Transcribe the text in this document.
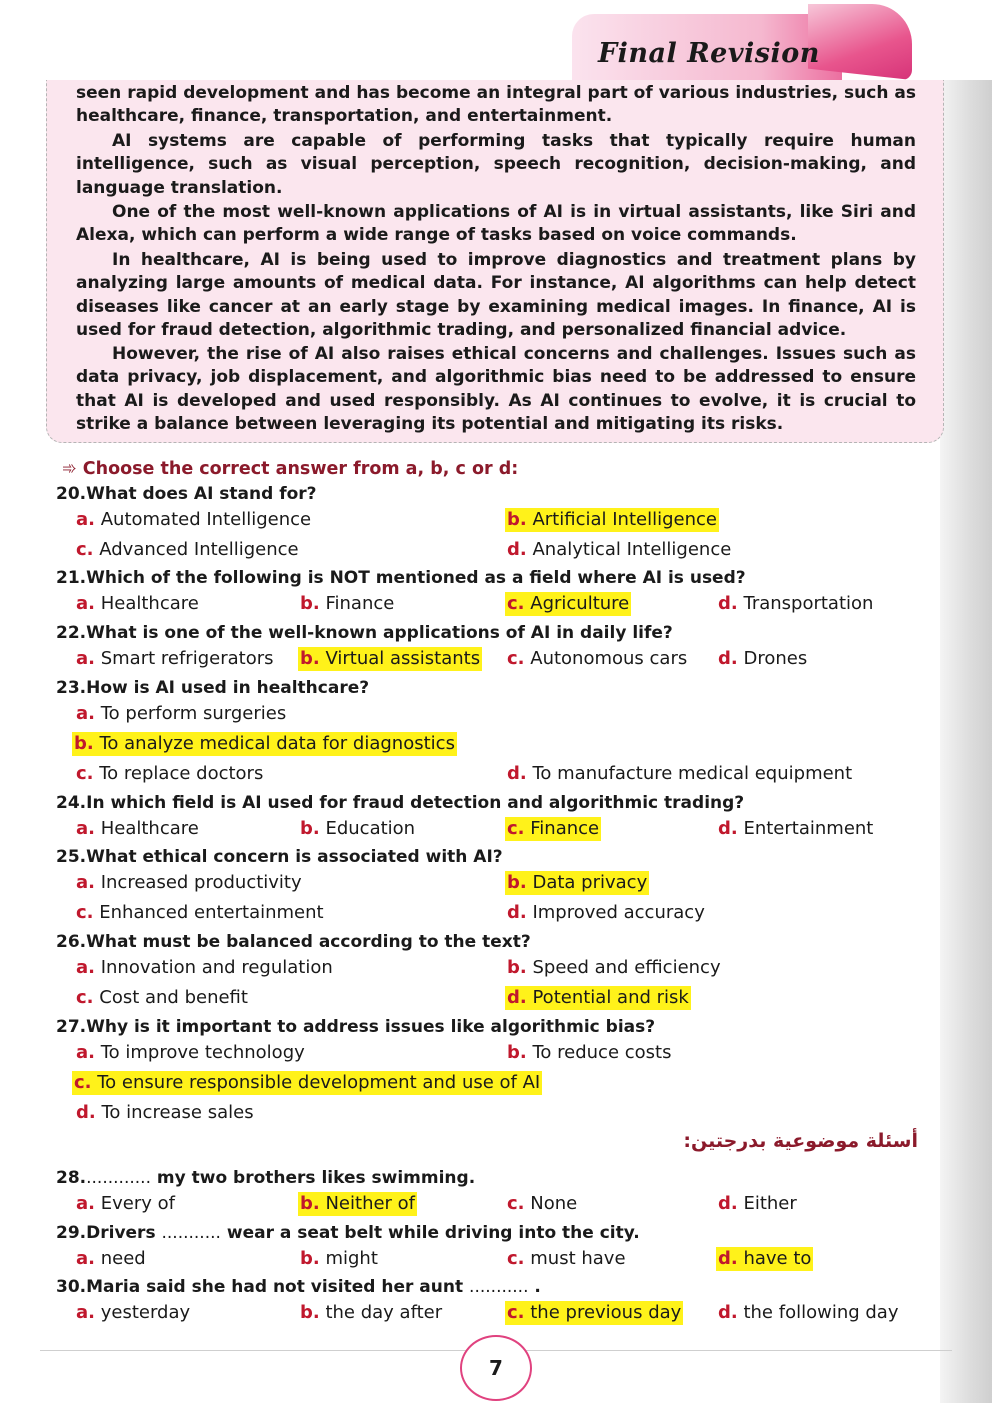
Final Revision

seen rapid development and has become an integral part of various industries, such as healthcare, finance, transportation, and entertainment.

AI systems are capable of performing tasks that typically require human intelligence, such as visual perception, speech recognition, decision-making, and language translation.

One of the most well-known applications of AI is in virtual assistants, like Siri and Alexa, which can perform a wide range of tasks based on voice commands.

In healthcare, AI is being used to improve diagnostics and treatment plans by analyzing large amounts of medical data. For instance, AI algorithms can help detect diseases like cancer at an early stage by examining medical images. In finance, AI is used for fraud detection, algorithmic trading, and personalized financial advice.

However, the rise of AI also raises ethical concerns and challenges. Issues such as data privacy, job displacement, and algorithmic bias need to be addressed to ensure that AI is developed and used responsibly. As AI continues to evolve, it is crucial to strike a balance between leveraging its potential and mitigating its risks.

➾ Choose the correct answer from a, b, c or d:
20.What does AI stand for?
a. Automated Intelligence	b. Artificial Intelligence
c. Advanced Intelligence	d. Analytical Intelligence
21.Which of the following is NOT mentioned as a field where AI is used?
a. Healthcare	b. Finance	c. Agriculture	d. Transportation
22.What is one of the well-known applications of AI in daily life?
a. Smart refrigerators b. Virtual assistants c. Autonomous cars d. Drones
23.How is AI used in healthcare?
a. To perform surgeries
b. To analyze medical data for diagnostics
c. To replace doctors	d. To manufacture medical equipment
24.In which field is AI used for fraud detection and algorithmic trading?
a. Healthcare	b. Education	c. Finance	d. Entertainment
25.What ethical concern is associated with AI?
a. Increased productivity	b. Data privacy
c. Enhanced entertainment	d. Improved accuracy
26.What must be balanced according to the text?
a. Innovation and regulation	b. Speed and efficiency
c. Cost and benefit	d. Potential and risk
27.Why is it important to address issues like algorithmic bias?
a. To improve technology	b. To reduce costs
c. To ensure responsible development and use of AI
d. To increase sales
أسئلة موضوعية بدرجتين:
28............. my two brothers likes swimming.
a. Every of	b. Neither of	c. None	d. Either
29.Drivers ........... wear a seat belt while driving into the city.
a. need	b. might	c. must have	d. have to
30.Maria said she had not visited her aunt ........... .
a. yesterday	b. the day after	c. the previous day d. the following day
7
